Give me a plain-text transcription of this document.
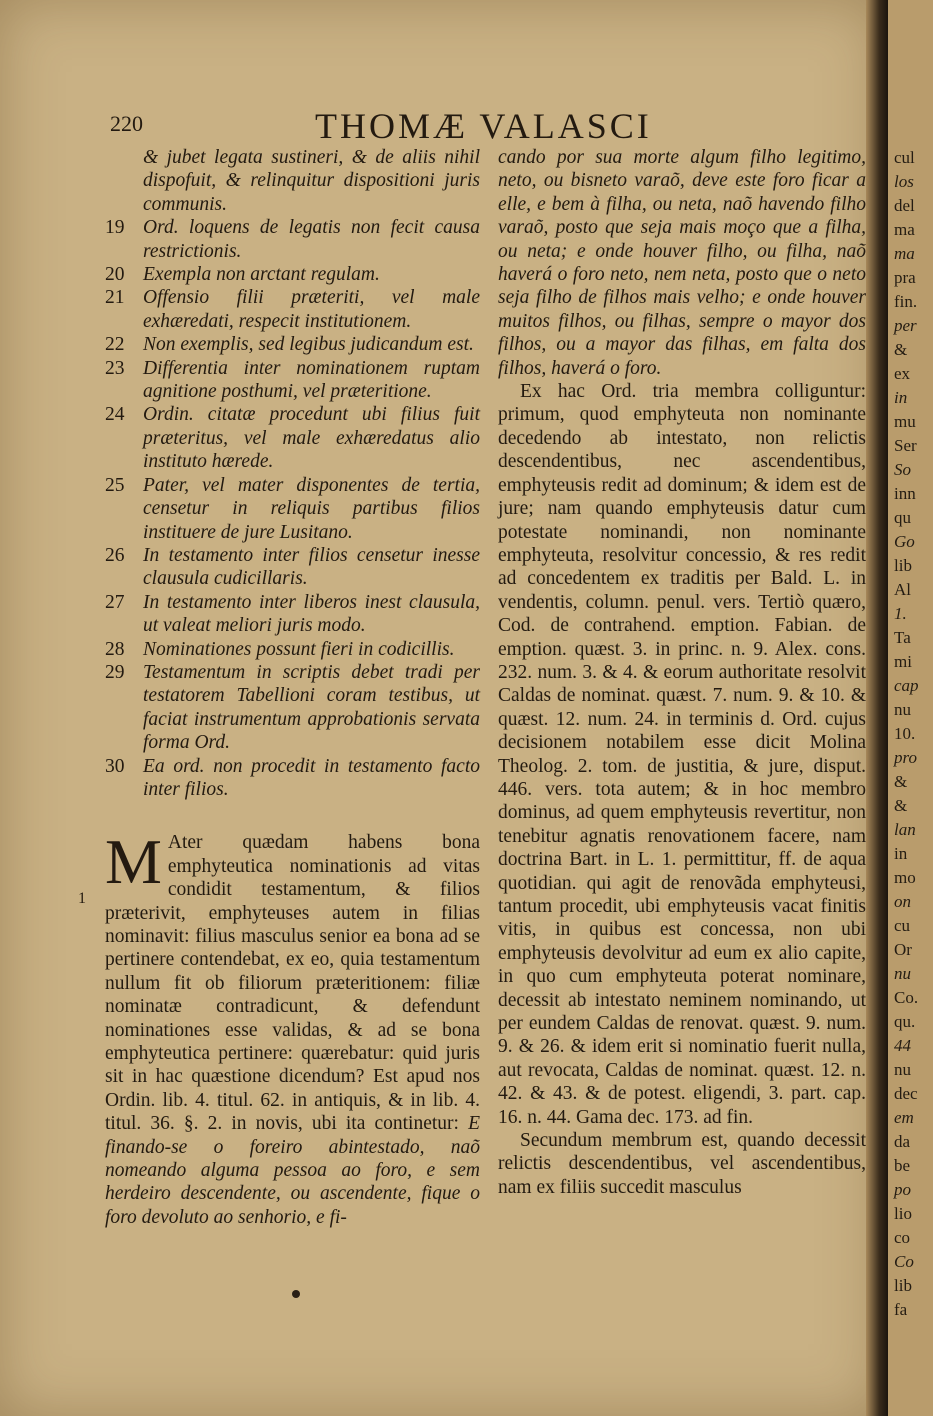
220	THOMÆ VALASCI
& jubet legata sustineri, & de aliis nihil dispofuit, & relinquitur dispositioni juris communis.
19 Ord. loquens de legatis non fecit causa restrictionis.
20 Exempla non arctant regulam.
21 Offensio filii præteriti, vel male exhæredati, respecit institutionem.
22 Non exemplis, sed legibus judicandum est.
23 Differentia inter nominationem ruptam agnitione posthumi, vel præteritione.
24 Ordin. citatæ procedunt ubi filius fuit præteritus, vel male exhæredatus alio instituto hærede.
25 Pater, vel mater disponentes de tertia, censetur in reliquis partibus filios instituere de jure Lusitano.
26 In testamento inter filios censetur inesse clausula cudicillaris.
27 In testamento inter liberos inest clausula, ut valeat meliori juris modo.
28 Nominationes possunt fieri in codicillis.
29 Testamentum in scriptis debet tradi per testatorem Tabellioni coram testibus, ut faciat instrumentum approbationis servata forma Ord.
30 Ea ord. non procedit in testamento facto inter filios.
M Ater quædam habens bona emphyteutica nominationis ad vitas condidit testamentum, & filios præterivit, emphyteuses autem in filias nominavit: filius masculus senior ea bona ad se pertinere contendebat, ex eo, quia testamentum nullum fit ob filiorum præteritionem: filiæ nominatæ contradicunt, & defendunt nominationes esse validas, & ad se bona emphyteutica pertinere: quærebatur: quid juris sit in hac quæstione dicendum? Est apud nos Ordin. lib. 4. titul. 62. in antiquis, & in lib. 4. titul. 36. §. 2. in novis, ubi ita continetur: E finando-se o foreiro abintestado, naõ nomeando alguma pessoa ao foro, e sem herdeiro descendente, ou ascendente, fique o foro devoluto ao senhorio, e fi-
1
cando por sua morte algum filho legitimo, neto, ou bisneto varaõ, deve este foro ficar a elle, e bem à filha, ou neta, naõ havendo filho varaõ, posto que seja mais moço que a filha, ou neta; e onde houver filho, ou filha, naõ haverá o foro neto, nem neta, posto que o neto seja filho de filhos mais velho; e onde houver muitos filhos, ou filhas, sempre o mayor dos filhos, ou a mayor das filhas, em falta dos filhos, haverá o foro.
Ex hac Ord. tria membra colliguntur: primum, quod emphyteuta non nominante decedendo ab intestato, non relictis descendentibus, nec ascendentibus, emphyteusis redit ad dominum; & idem est de jure; nam quando emphyteusis datur cum potestate nominandi, non nominante emphyteuta, resolvitur concessio, & res redit ad concedentem ex traditis per Bald. L. in vendentis, column. penul. vers. Tertiò quæro, Cod. de contrahend. emption. Fabian. de emption. quæst. 3. in princ. n. 9. Alex. cons. 232. num. 3. & 4. & eorum authoritate resolvit Caldas de nominat. quæst. 7. num. 9. & 10. & quæst. 12. num. 24. in terminis d. Ord. cujus decisionem notabilem esse dicit Molina Theolog. 2. tom. de justitia, & jure, disput. 446. vers. tota autem; & in hoc membro dominus, ad quem emphyteusis revertitur, non tenebitur agnatis renovationem facere, nam doctrina Bart. in L. 1. permittitur, ff. de aqua quotidian. qui agit de renovãda emphyteusi, tantum procedit, ubi emphyteusis vacat finitis vitis, in quibus est concessa, non ubi emphyteusis devolvitur ad eum ex alio capite, in quo cum emphyteuta poterat nominare, decessit ab intestato neminem nominando, ut per eundem Caldas de renovat. quæst. 9. num. 9. & 26. & idem erit si nominatio fuerit nulla, aut revocata, Caldas de nominat. quæst. 12. n. 42. & 43. & de potest. eligendi, 3. part. cap. 16. n. 44. Gama dec. 173. ad fin.
Secundum membrum est, quando decessit relictis descendentibus, vel ascendentibus, nam ex filiis succedit masculus
cul
los
del
ma
ma
pra
fin.
per
&
ex
in
mu
Ser
So
inn
qu
Go
lib
Al
1.
Ta
mi
cap
nu
10.
pro
&
&
lan
in
mo
on
cu
Or
nu
Co.
qu.
44
nu
dec
em
da
be
po
lio
co
Co
lib
fa
